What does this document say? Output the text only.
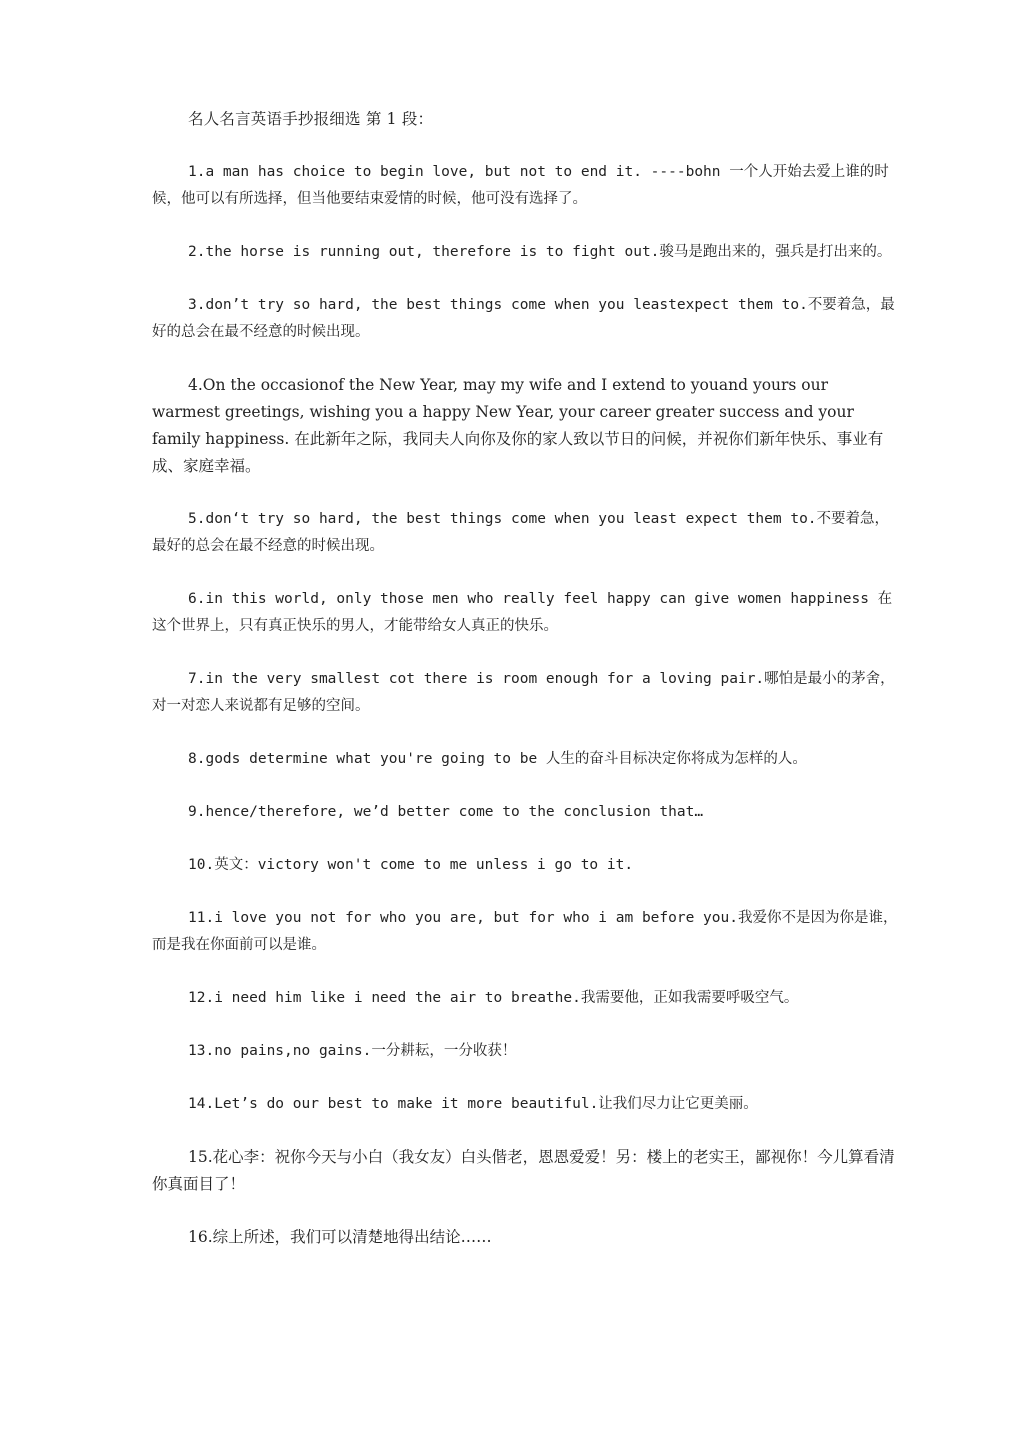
名人名言英语手抄报细选 第 1 段：

1.a man has choice to begin love, but not to end it. ----bohn 一个人开始去爱上谁的时候，他可以有所选择，但当他要结束爱情的时候，他可没有选择了。

2.the horse is running out, therefore is to fight out.骏马是跑出来的，强兵是打出来的。

3.don’t try so hard, the best things come when you leastexpect them to.不要着急，最好的总会在最不经意的时候出现。

4.On the occasionof the New Year, may my wife and I extend to youand yours our warmest greetings, wishing you a happy New Year, your career greater success and your family happiness. 在此新年之际，我同夫人向你及你的家人致以节日的问候，并祝你们新年快乐、事业有成、家庭幸福。

5.don‘t try so hard, the best things come when you least expect them to.不要着急，最好的总会在最不经意的时候出现。

6.in this world, only those men who really feel happy can give women happiness 在这个世界上，只有真正快乐的男人，才能带给女人真正的快乐。

7.in the very smallest cot there is room enough for a loving pair.哪怕是最小的茅舍，对一对恋人来说都有足够的空间。

8.gods determine what you're going to be 人生的奋斗目标决定你将成为怎样的人。

9.hence/therefore, we’d better come to the conclusion that…

10.英文：victory won't come to me unless i go to it.

11.i love you not for who you are, but for who i am before you.我爱你不是因为你是谁，而是我在你面前可以是谁。

12.i need him like i need the air to breathe.我需要他，正如我需要呼吸空气。

13.no pains,no gains.一分耕耘，一分收获！

14.Let’s do our best to make it more beautiful.让我们尽力让它更美丽。

15.花心李：祝你今天与小白（我女友）白头偕老，恩恩爱爱！另：楼上的老实王，鄙视你！今儿算看清你真面目了！

16.综上所述，我们可以清楚地得出结论……
